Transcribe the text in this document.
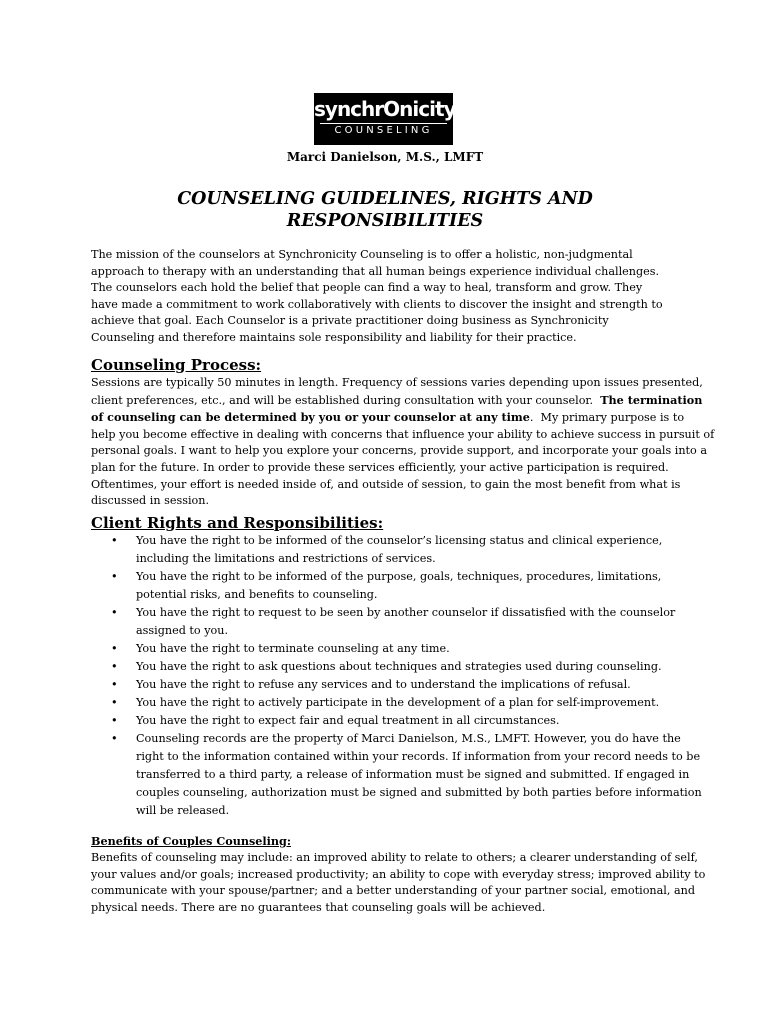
synchrOnicity
COUNSELING
Marci Danielson, M.S., LMFT
COUNSELING GUIDELINES, RIGHTS AND
RESPONSIBILITIES
The mission of the counselors at Synchronicity Counseling is to offer a holistic, non-judgmental
approach to therapy with an understanding that all human beings experience individual challenges.
The counselors each hold the belief that people can find a way to heal, transform and grow. They
have made a commitment to work collaboratively with clients to discover the insight and strength to
achieve that goal. Each Counselor is a private practitioner doing business as Synchronicity
Counseling and therefore maintains sole responsibility and liability for their practice.
Counseling Process:
Sessions are typically 50 minutes in length. Frequency of sessions varies depending upon issues presented,
client preferences, etc., and will be established during consultation with your counselor.  The termination
of counseling can be determined by you or your counselor at any time.  My primary purpose is to
help you become effective in dealing with concerns that influence your ability to achieve success in pursuit of
personal goals. I want to help you explore your concerns, provide support, and incorporate your goals into a
plan for the future. In order to provide these services efficiently, your active participation is required.
Oftentimes, your effort is needed inside of, and outside of session, to gain the most benefit from what is
discussed in session.
Client Rights and Responsibilities:
• You have the right to be informed of the counselor’s licensing status and clinical experience,
including the limitations and restrictions of services.
• You have the right to be informed of the purpose, goals, techniques, procedures, limitations,
potential risks, and benefits to counseling.
• You have the right to request to be seen by another counselor if dissatisfied with the counselor
assigned to you.
• You have the right to terminate counseling at any time.
• You have the right to ask questions about techniques and strategies used during counseling.
• You have the right to refuse any services and to understand the implications of refusal.
• You have the right to actively participate in the development of a plan for self-improvement.
• You have the right to expect fair and equal treatment in all circumstances.
• Counseling records are the property of Marci Danielson, M.S., LMFT. However, you do have the
right to the information contained within your records. If information from your record needs to be
transferred to a third party, a release of information must be signed and submitted. If engaged in
couples counseling, authorization must be signed and submitted by both parties before information
will be released.
Benefits of Couples Counseling:
Benefits of counseling may include: an improved ability to relate to others; a clearer understanding of self,
your values and/or goals; increased productivity; an ability to cope with everyday stress; improved ability to
communicate with your spouse/partner; and a better understanding of your partner social, emotional, and
physical needs. There are no guarantees that counseling goals will be achieved.
